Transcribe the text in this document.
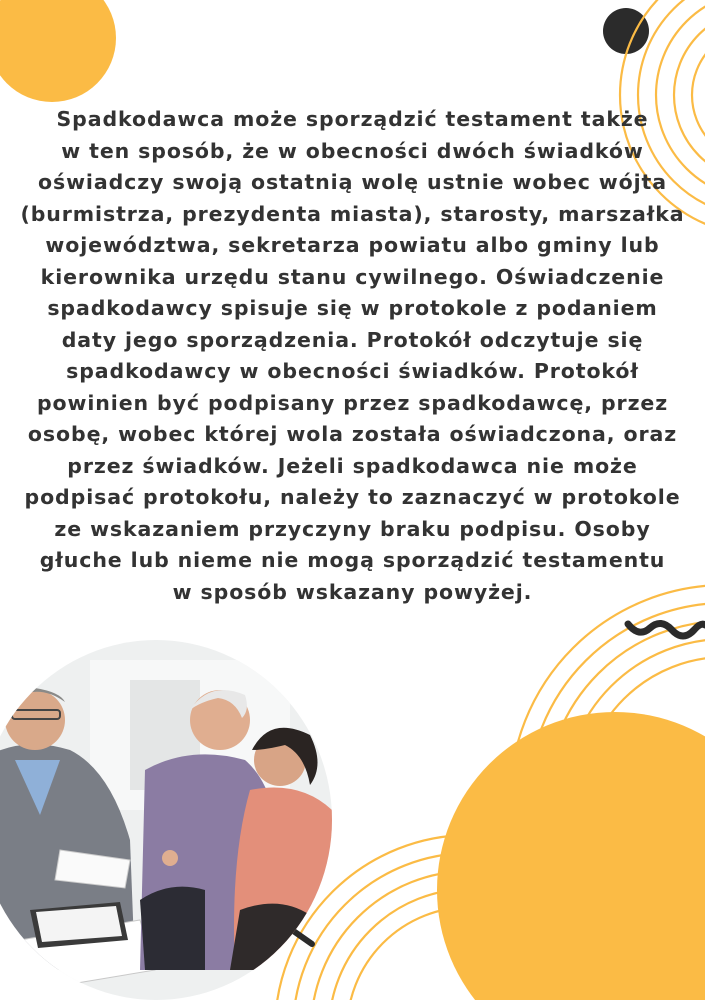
Spadkodawca może sporządzić testament także
w ten sposób, że w obecności dwóch świadków
oświadczy swoją ostatnią wolę ustnie wobec wójta
(burmistrza, prezydenta miasta), starosty, marszałka
województwa, sekretarza powiatu albo gminy lub
kierownika urzędu stanu cywilnego. Oświadczenie
spadkodawcy spisuje się w protokole z podaniem
daty jego sporządzenia. Protokół odczytuje się
spadkodawcy w obecności świadków. Protokół
powinien być podpisany przez spadkodawcę, przez
osobę, wobec której wola została oświadczona, oraz
przez świadków. Jeżeli spadkodawca nie może
podpisać protokołu, należy to zaznaczyć w protokole
ze wskazaniem przyczyny braku podpisu. Osoby
głuche lub nieme nie mogą sporządzić testamentu
w sposób wskazany powyżej.
